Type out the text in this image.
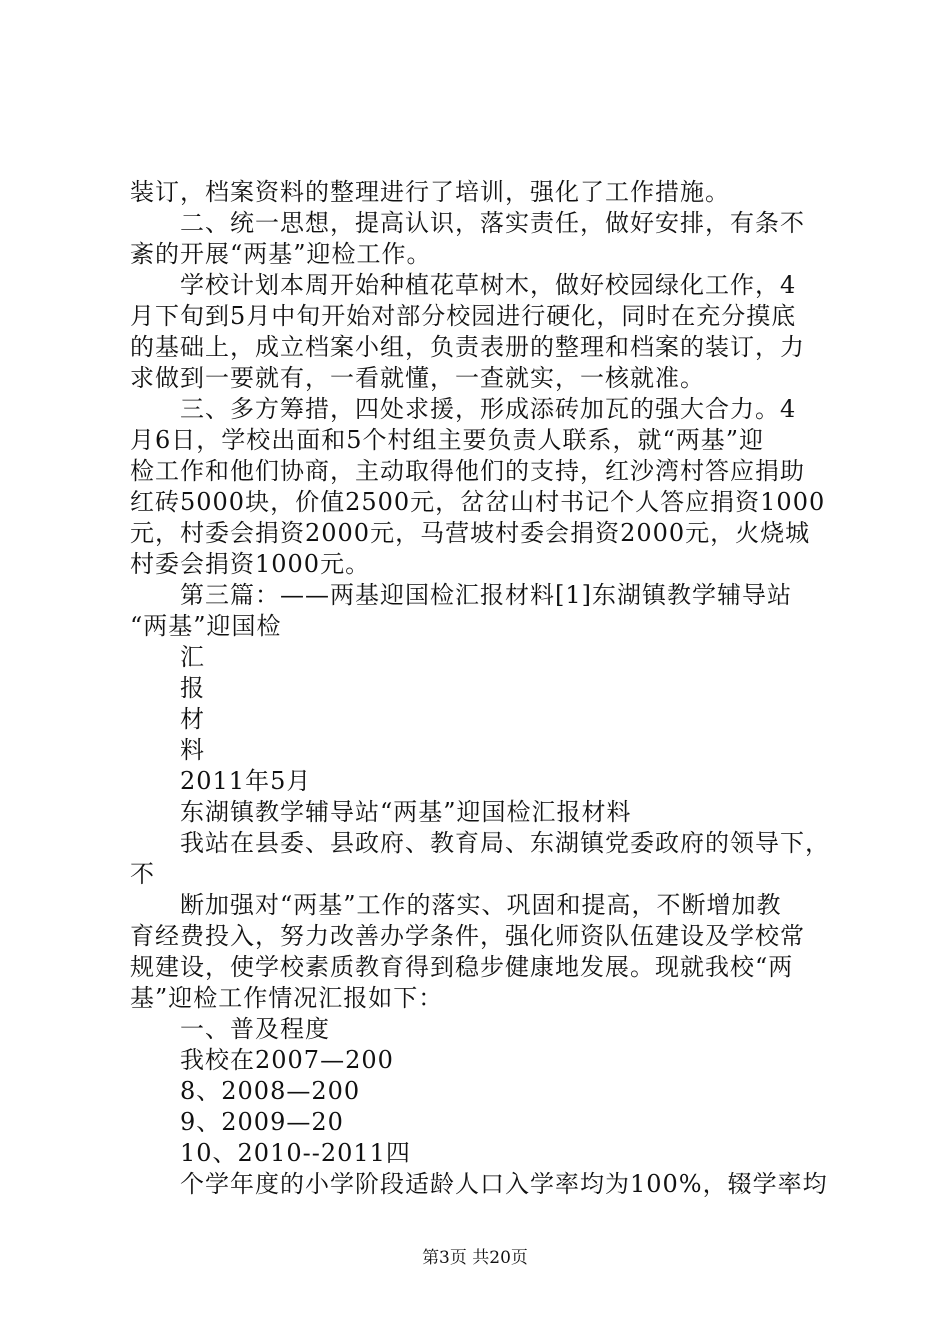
装订，档案资料的整理进行了培训，强化了工作措施。
二、统一思想，提高认识，落实责任，做好安排，有条不
紊的开展“两基”迎检工作。
学校计划本周开始种植花草树木，做好校园绿化工作，4
月下旬到5月中旬开始对部分校园进行硬化，同时在充分摸底
的基础上，成立档案小组，负责表册的整理和档案的装订，力
求做到一要就有，一看就懂，一查就实，一核就准。
三、多方筹措，四处求援，形成添砖加瓦的强大合力。4
月6日，学校出面和5个村组主要负责人联系，就“两基”迎
检工作和他们协商，主动取得他们的支持，红沙湾村答应捐助
红砖5000块，价值2500元，岔岔山村书记个人答应捐资1000
元，村委会捐资2000元，马营坡村委会捐资2000元，火烧城
村委会捐资1000元。
第三篇：——两基迎国检汇报材料[1]东湖镇教学辅导站
“两基”迎国检
汇
报
材
料
2011年5月
东湖镇教学辅导站“两基”迎国检汇报材料
我站在县委、县政府、教育局、东湖镇党委政府的领导下，
不
断加强对“两基”工作的落实、巩固和提高，不断增加教
育经费投入，努力改善办学条件，强化师资队伍建设及学校常
规建设，使学校素质教育得到稳步健康地发展。现就我校“两
基”迎检工作情况汇报如下：
一、普及程度
我校在2007—200
8、2008—200
9、2009—20
10、2010--2011四
个学年度的小学阶段适龄人口入学率均为100%，辍学率均
第3页 共20页
